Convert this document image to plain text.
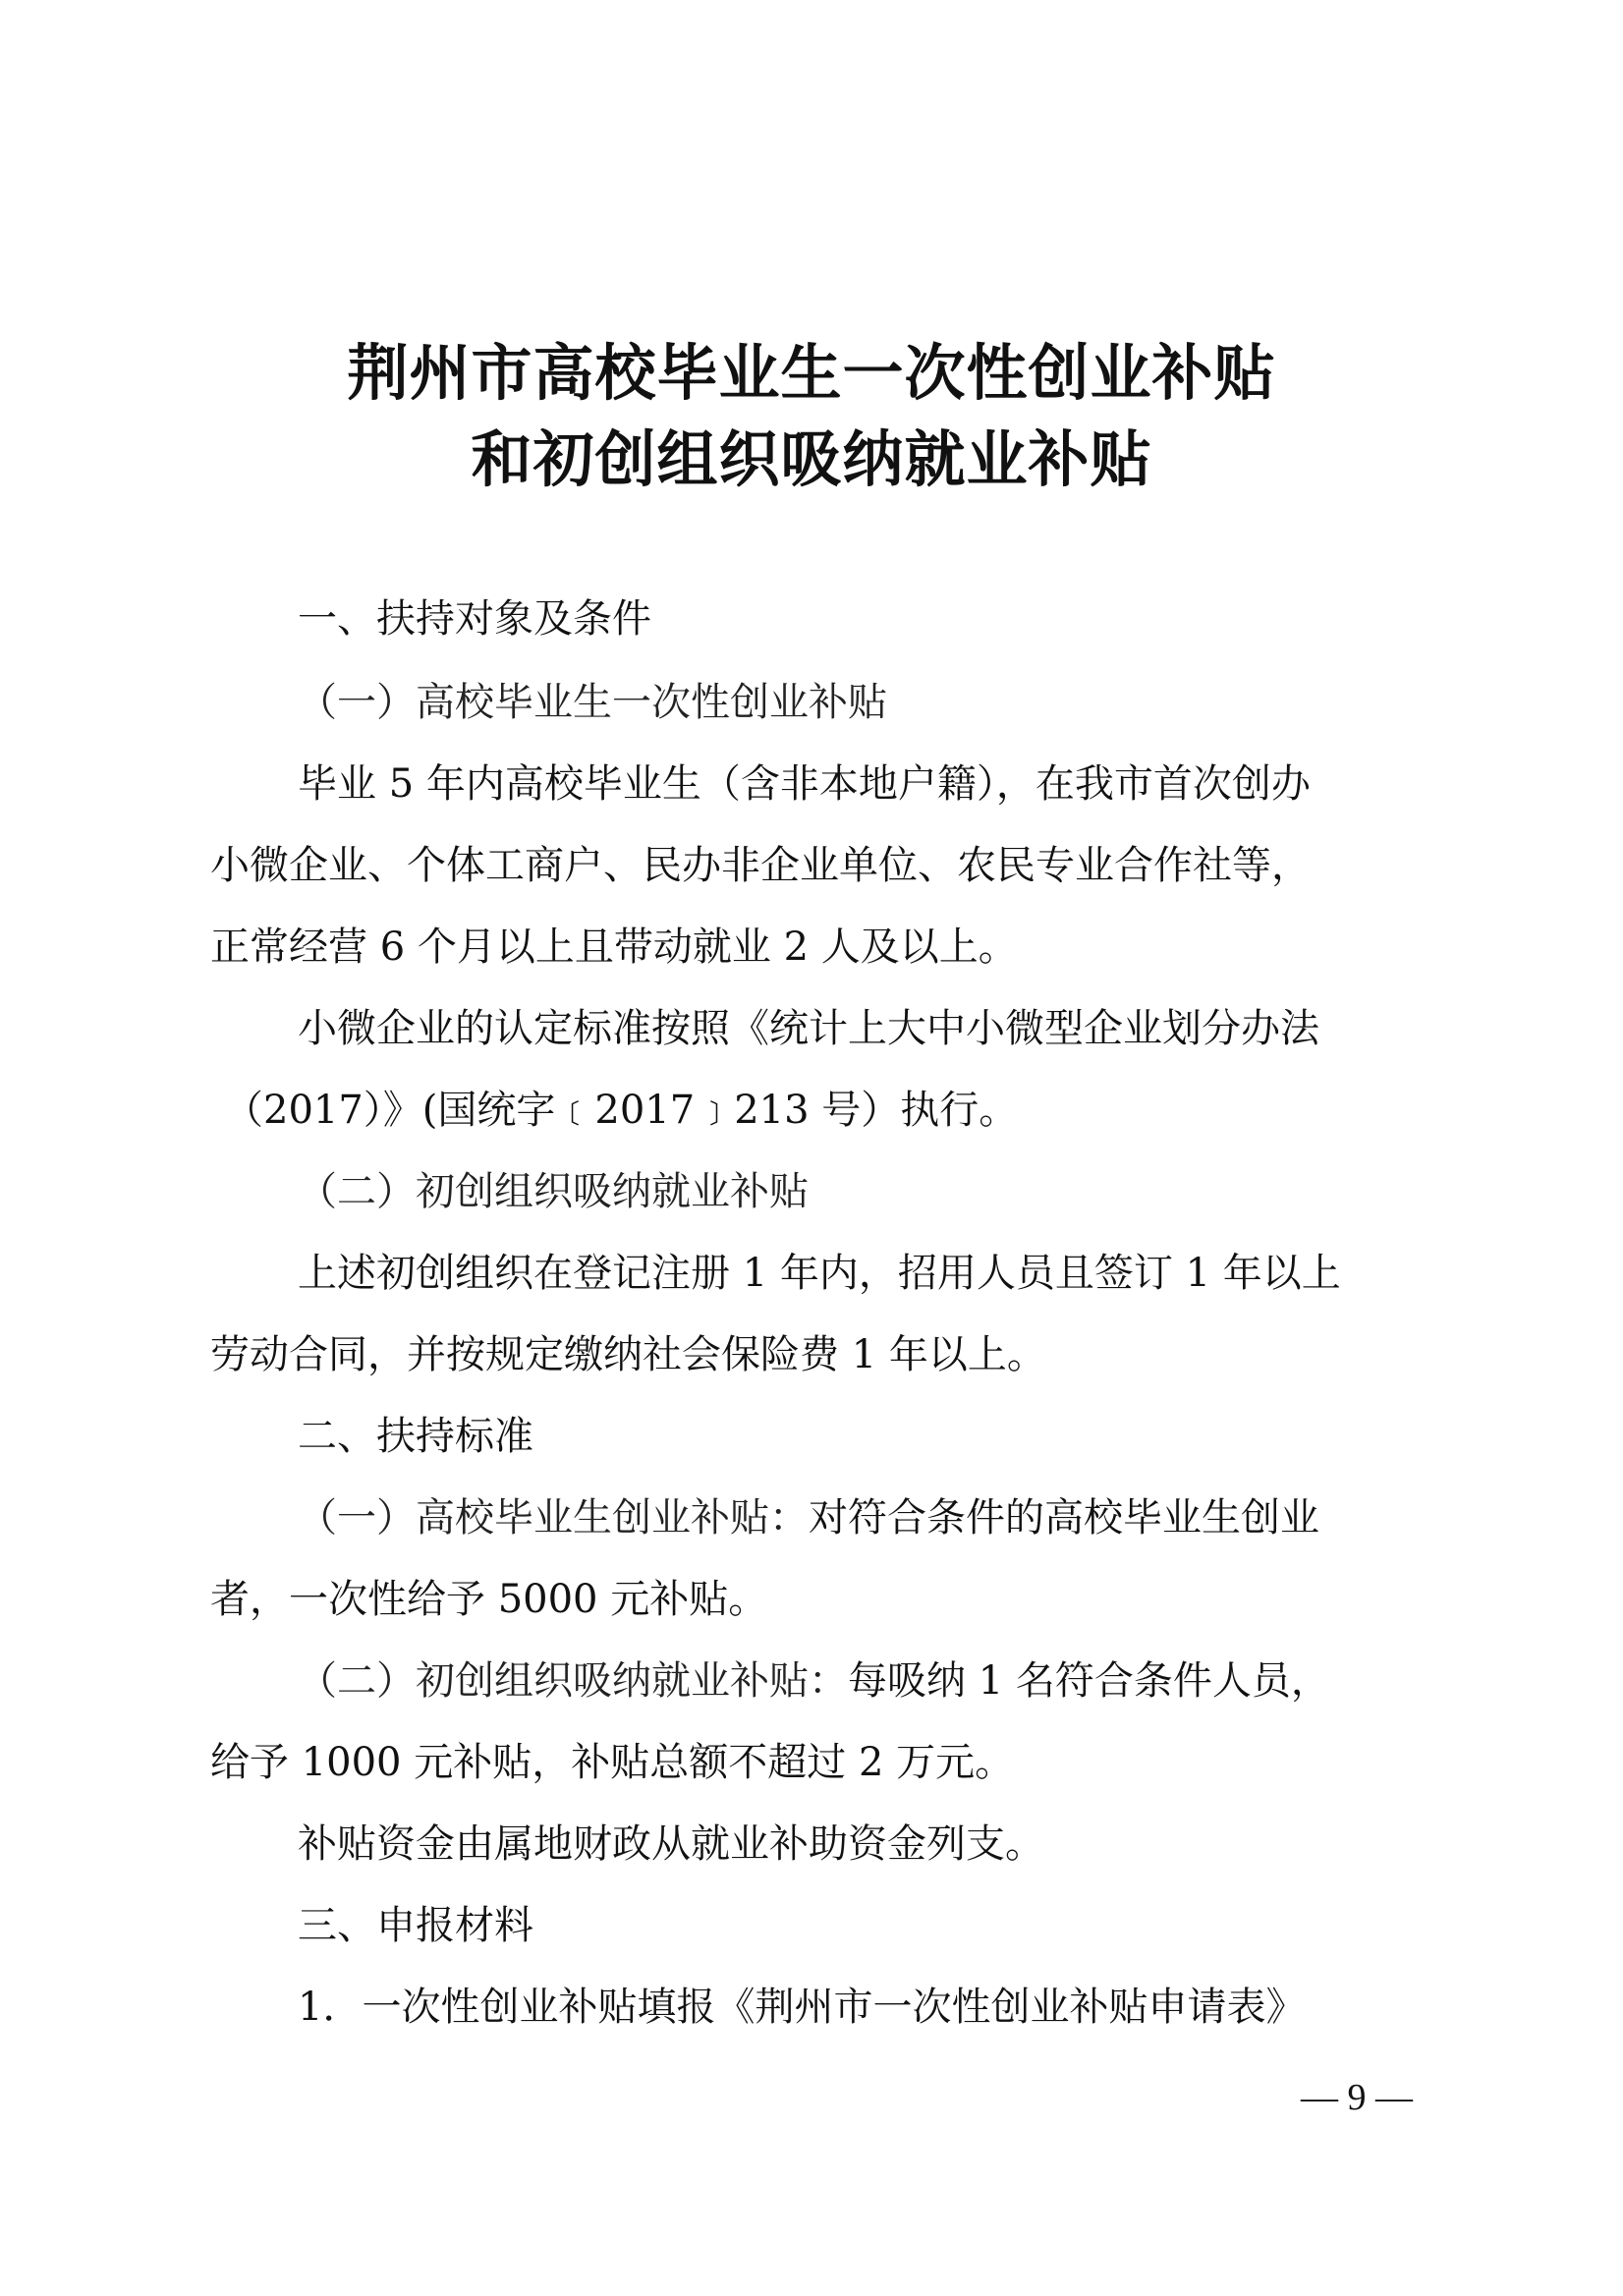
荆州市高校毕业生一次性创业补贴
和初创组织吸纳就业补贴
一、扶持对象及条件
（一）高校毕业生一次性创业补贴
毕业 5 年内高校毕业生（含非本地户籍），在我市首次创办
小微企业、个体工商户、民办非企业单位、农民专业合作社等，
正常经营 6 个月以上且带动就业 2 人及以上。
小微企业的认定标准按照《统计上大中小微型企业划分办法
（2017）》(国统字﹝2017﹞213 号）执行。
（二）初创组织吸纳就业补贴
上述初创组织在登记注册 1 年内，招用人员且签订 1 年以上
劳动合同，并按规定缴纳社会保险费 1 年以上。
二、扶持标准
（一）高校毕业生创业补贴：对符合条件的高校毕业生创业
者，一次性给予 5000 元补贴。
（二）初创组织吸纳就业补贴：每吸纳 1 名符合条件人员，
给予 1000 元补贴，补贴总额不超过 2 万元。
补贴资金由属地财政从就业补助资金列支。
三、申报材料
1．一次性创业补贴填报《荆州市一次性创业补贴申请表》
— 9 —
